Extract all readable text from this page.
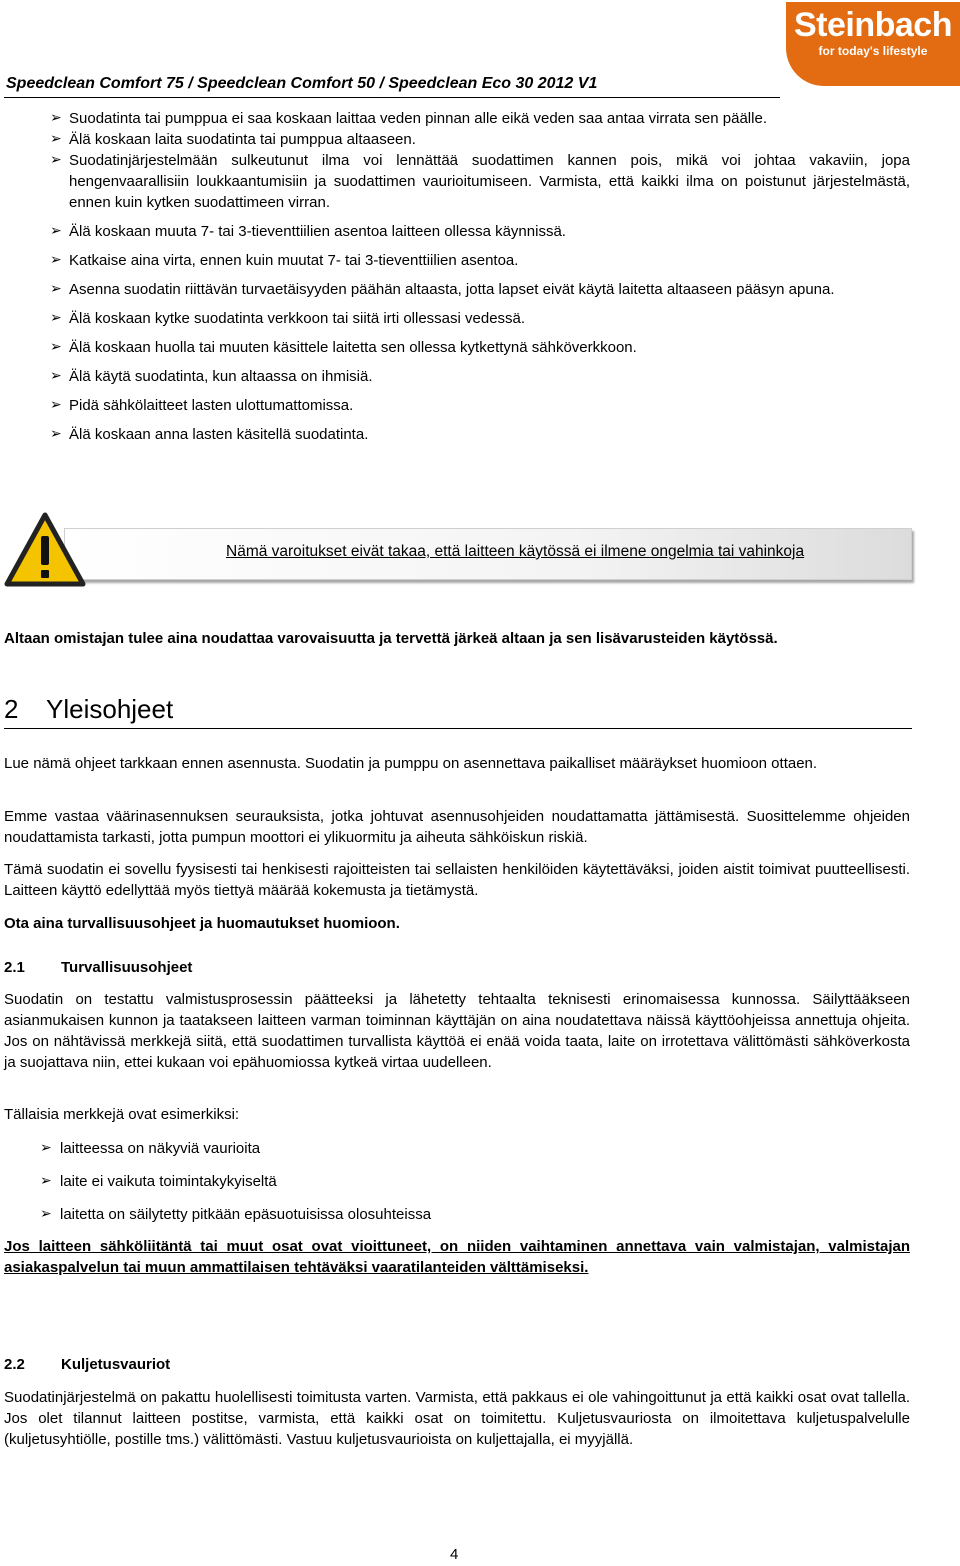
Speedclean Comfort 75 / Speedclean Comfort 50 / Speedclean Eco 30 2012 V1
Steinbach
for today's lifestyle
➢ Suodatinta tai pumppua ei saa koskaan laittaa veden pinnan alle eikä veden saa antaa virrata sen päälle.
➢ Älä koskaan laita suodatinta tai pumppua altaaseen.
➢ Suodatinjärjestelmään sulkeutunut ilma voi lennättää suodattimen kannen pois, mikä voi johtaa vakaviin, jopa hengenvaarallisiin loukkaantumisiin ja suodattimen vaurioitumiseen. Varmista, että kaikki ilma on poistunut järjestelmästä, ennen kuin kytken suodattimeen virran.
➢ Älä koskaan muuta 7- tai 3-tieventtiilien asentoa laitteen ollessa käynnissä.
➢ Katkaise aina virta, ennen kuin muutat 7- tai 3-tieventtiilien asentoa.
➢ Asenna suodatin riittävän turvaetäisyyden päähän altaasta, jotta lapset eivät käytä laitetta altaaseen pääsyn apuna.
➢ Älä koskaan kytke suodatinta verkkoon tai siitä irti ollessasi vedessä.
➢ Älä koskaan huolla tai muuten käsittele laitetta sen ollessa kytkettynä sähköverkkoon.
➢ Älä käytä suodatinta, kun altaassa on ihmisiä.
➢ Pidä sähkölaitteet lasten ulottumattomissa.
➢ Älä koskaan anna lasten käsitellä suodatinta.
Nämä varoitukset eivät takaa, että laitteen käytössä ei ilmene ongelmia tai vahinkoja

Altaan omistajan tulee aina noudattaa varovaisuutta ja tervettä järkeä altaan ja sen lisävarusteiden käytössä.

2 Yleisohjeet

Lue nämä ohjeet tarkkaan ennen asennusta. Suodatin ja pumppu on asennettava paikalliset määräykset huomioon ottaen.

Emme vastaa väärinasennuksen seurauksista, jotka johtuvat asennusohjeiden noudattamatta jättämisestä. Suosittelemme ohjeiden noudattamista tarkasti, jotta pumpun moottori ei ylikuormitu ja aiheuta sähköiskun riskiä.

Tämä suodatin ei sovellu fyysisesti tai henkisesti rajoitteisten tai sellaisten henkilöiden käytettäväksi, joiden aistit toimivat puutteellisesti. Laitteen käyttö edellyttää myös tiettyä määrää kokemusta ja tietämystä.

Ota aina turvallisuusohjeet ja huomautukset huomioon.

2.1 Turvallisuusohjeet

Suodatin on testattu valmistusprosessin päätteeksi ja lähetetty tehtaalta teknisesti erinomaisessa kunnossa. Säilyttääkseen asianmukaisen kunnon ja taatakseen laitteen varman toiminnan käyttäjän on aina noudatettava näissä käyttöohjeissa annettuja ohjeita. Jos on nähtävissä merkkejä siitä, että suodattimen turvallista käyttöä ei enää voida taata, laite on irrotettava välittömästi sähköverkosta ja suojattava niin, ettei kukaan voi epähuomiossa kytkeä virtaa uudelleen.

Tällaisia merkkejä ovat esimerkiksi:

➢ laitteessa on näkyviä vaurioita
➢ laite ei vaikuta toimintakykyiseltä
➢ laitetta on säilytetty pitkään epäsuotuisissa olosuhteissa

Jos laitteen sähköliitäntä tai muut osat ovat vioittuneet, on niiden vaihtaminen annettava vain valmistajan, valmistajan asiakaspalvelun tai muun ammattilaisen tehtäväksi vaaratilanteiden välttämiseksi.

2.2 Kuljetusvauriot

Suodatinjärjestelmä on pakattu huolellisesti toimitusta varten. Varmista, että pakkaus ei ole vahingoittunut ja että kaikki osat ovat tallella. Jos olet tilannut laitteen postitse, varmista, että kaikki osat on toimitettu. Kuljetusvauriosta on ilmoitettava kuljetuspalvelulle (kuljetusyhtiölle, postille tms.) välittömästi. Vastuu kuljetusvaurioista on kuljettajalla, ei myyjällä.

4
